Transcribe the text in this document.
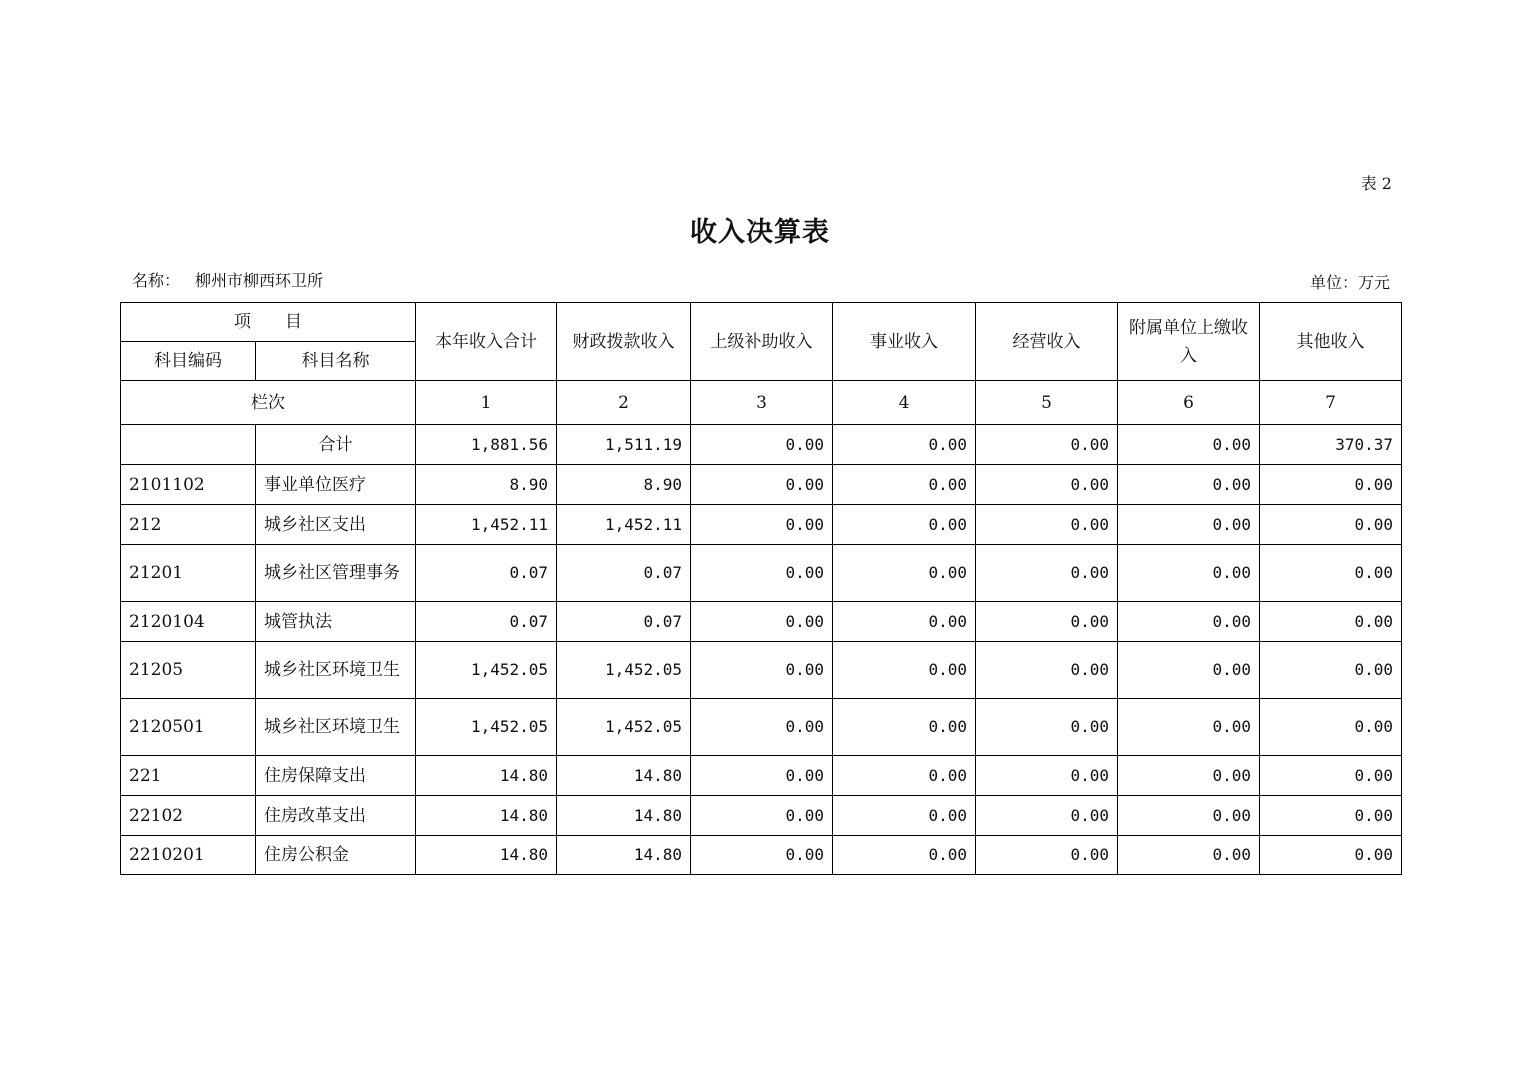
表 2
收入决算表
名称： 柳州市柳西环卫所	单位：万元
项　　目		本年收入合计	财政拨款收入	上级补助收入	事业收入	经营收入	附属单位上缴收入	其他收入
科目编码	科目名称							
栏次		1	2	3	4	5	6	7
	合计	1,881.56	1,511.19	0.00	0.00	0.00	0.00	370.37
2101102	事业单位医疗	8.90	8.90	0.00	0.00	0.00	0.00	0.00
212	城乡社区支出	1,452.11	1,452.11	0.00	0.00	0.00	0.00	0.00
21201	城乡社区管理事务	0.07	0.07	0.00	0.00	0.00	0.00	0.00
2120104	城管执法	0.07	0.07	0.00	0.00	0.00	0.00	0.00
21205	城乡社区环境卫生	1,452.05	1,452.05	0.00	0.00	0.00	0.00	0.00
2120501	城乡社区环境卫生	1,452.05	1,452.05	0.00	0.00	0.00	0.00	0.00
221	住房保障支出	14.80	14.80	0.00	0.00	0.00	0.00	0.00
22102	住房改革支出	14.80	14.80	0.00	0.00	0.00	0.00	0.00
2210201	住房公积金	14.80	14.80	0.00	0.00	0.00	0.00	0.00
